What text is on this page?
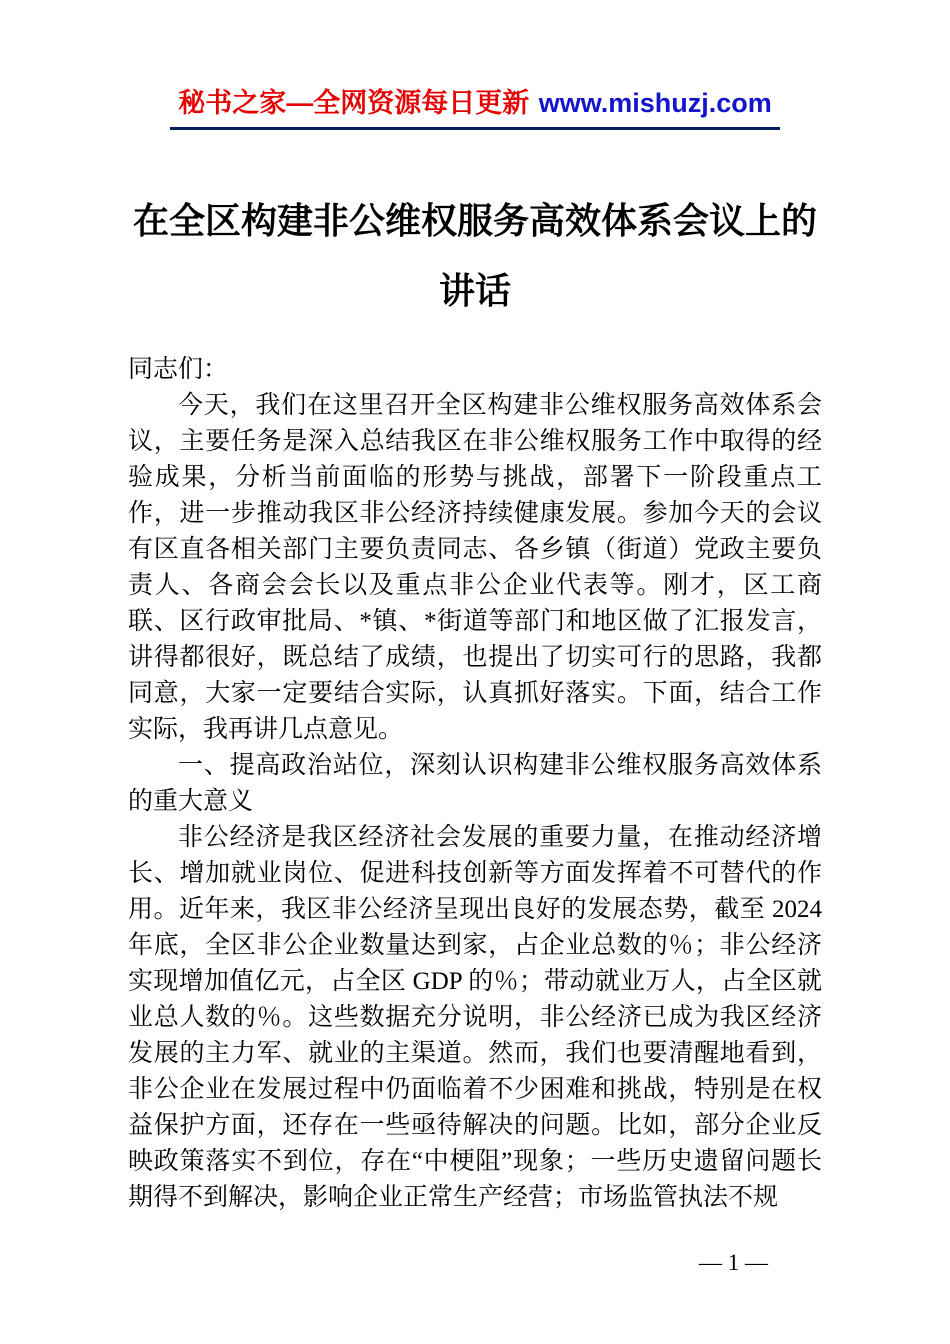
秘书之家—全网资源每日更新 www.mishuzj.com
在全区构建非公维权服务高效体系会议上的讲话

同志们：

今天，我们在这里召开全区构建非公维权服务高效体系会议，主要任务是深入总结我区在非公维权服务工作中取得的经验成果，分析当前面临的形势与挑战，部署下一阶段重点工作，进一步推动我区非公经济持续健康发展。参加今天的会议有区直各相关部门主要负责同志、各乡镇（街道）党政主要负责人、各商会会长以及重点非公企业代表等。刚才，区工商联、区行政审批局、*镇、*街道等部门和地区做了汇报发言，讲得都很好，既总结了成绩，也提出了切实可行的思路，我都同意，大家一定要结合实际，认真抓好落实。下面，结合工作实际，我再讲几点意见。

一、提高政治站位，深刻认识构建非公维权服务高效体系的重大意义

非公经济是我区经济社会发展的重要力量，在推动经济增长、增加就业岗位、促进科技创新等方面发挥着不可替代的作用。近年来，我区非公经济呈现出良好的发展态势，截至 2024 年底，全区非公企业数量达到家，占企业总数的％；非公经济实现增加值亿元，占全区 GDP 的％；带动就业万人，占全区就业总人数的％。这些数据充分说明，非公经济已成为我区经济发展的主力军、就业的主渠道。然而，我们也要清醒地看到，非公企业在发展过程中仍面临着不少困难和挑战，特别是在权益保护方面，还存在一些亟待解决的问题。比如，部分企业反映政策落实不到位，存在“中梗阻”现象；一些历史遗留问题长期得不到解决，影响企业正常生产经营；市场监管执法不规

— 1 —
